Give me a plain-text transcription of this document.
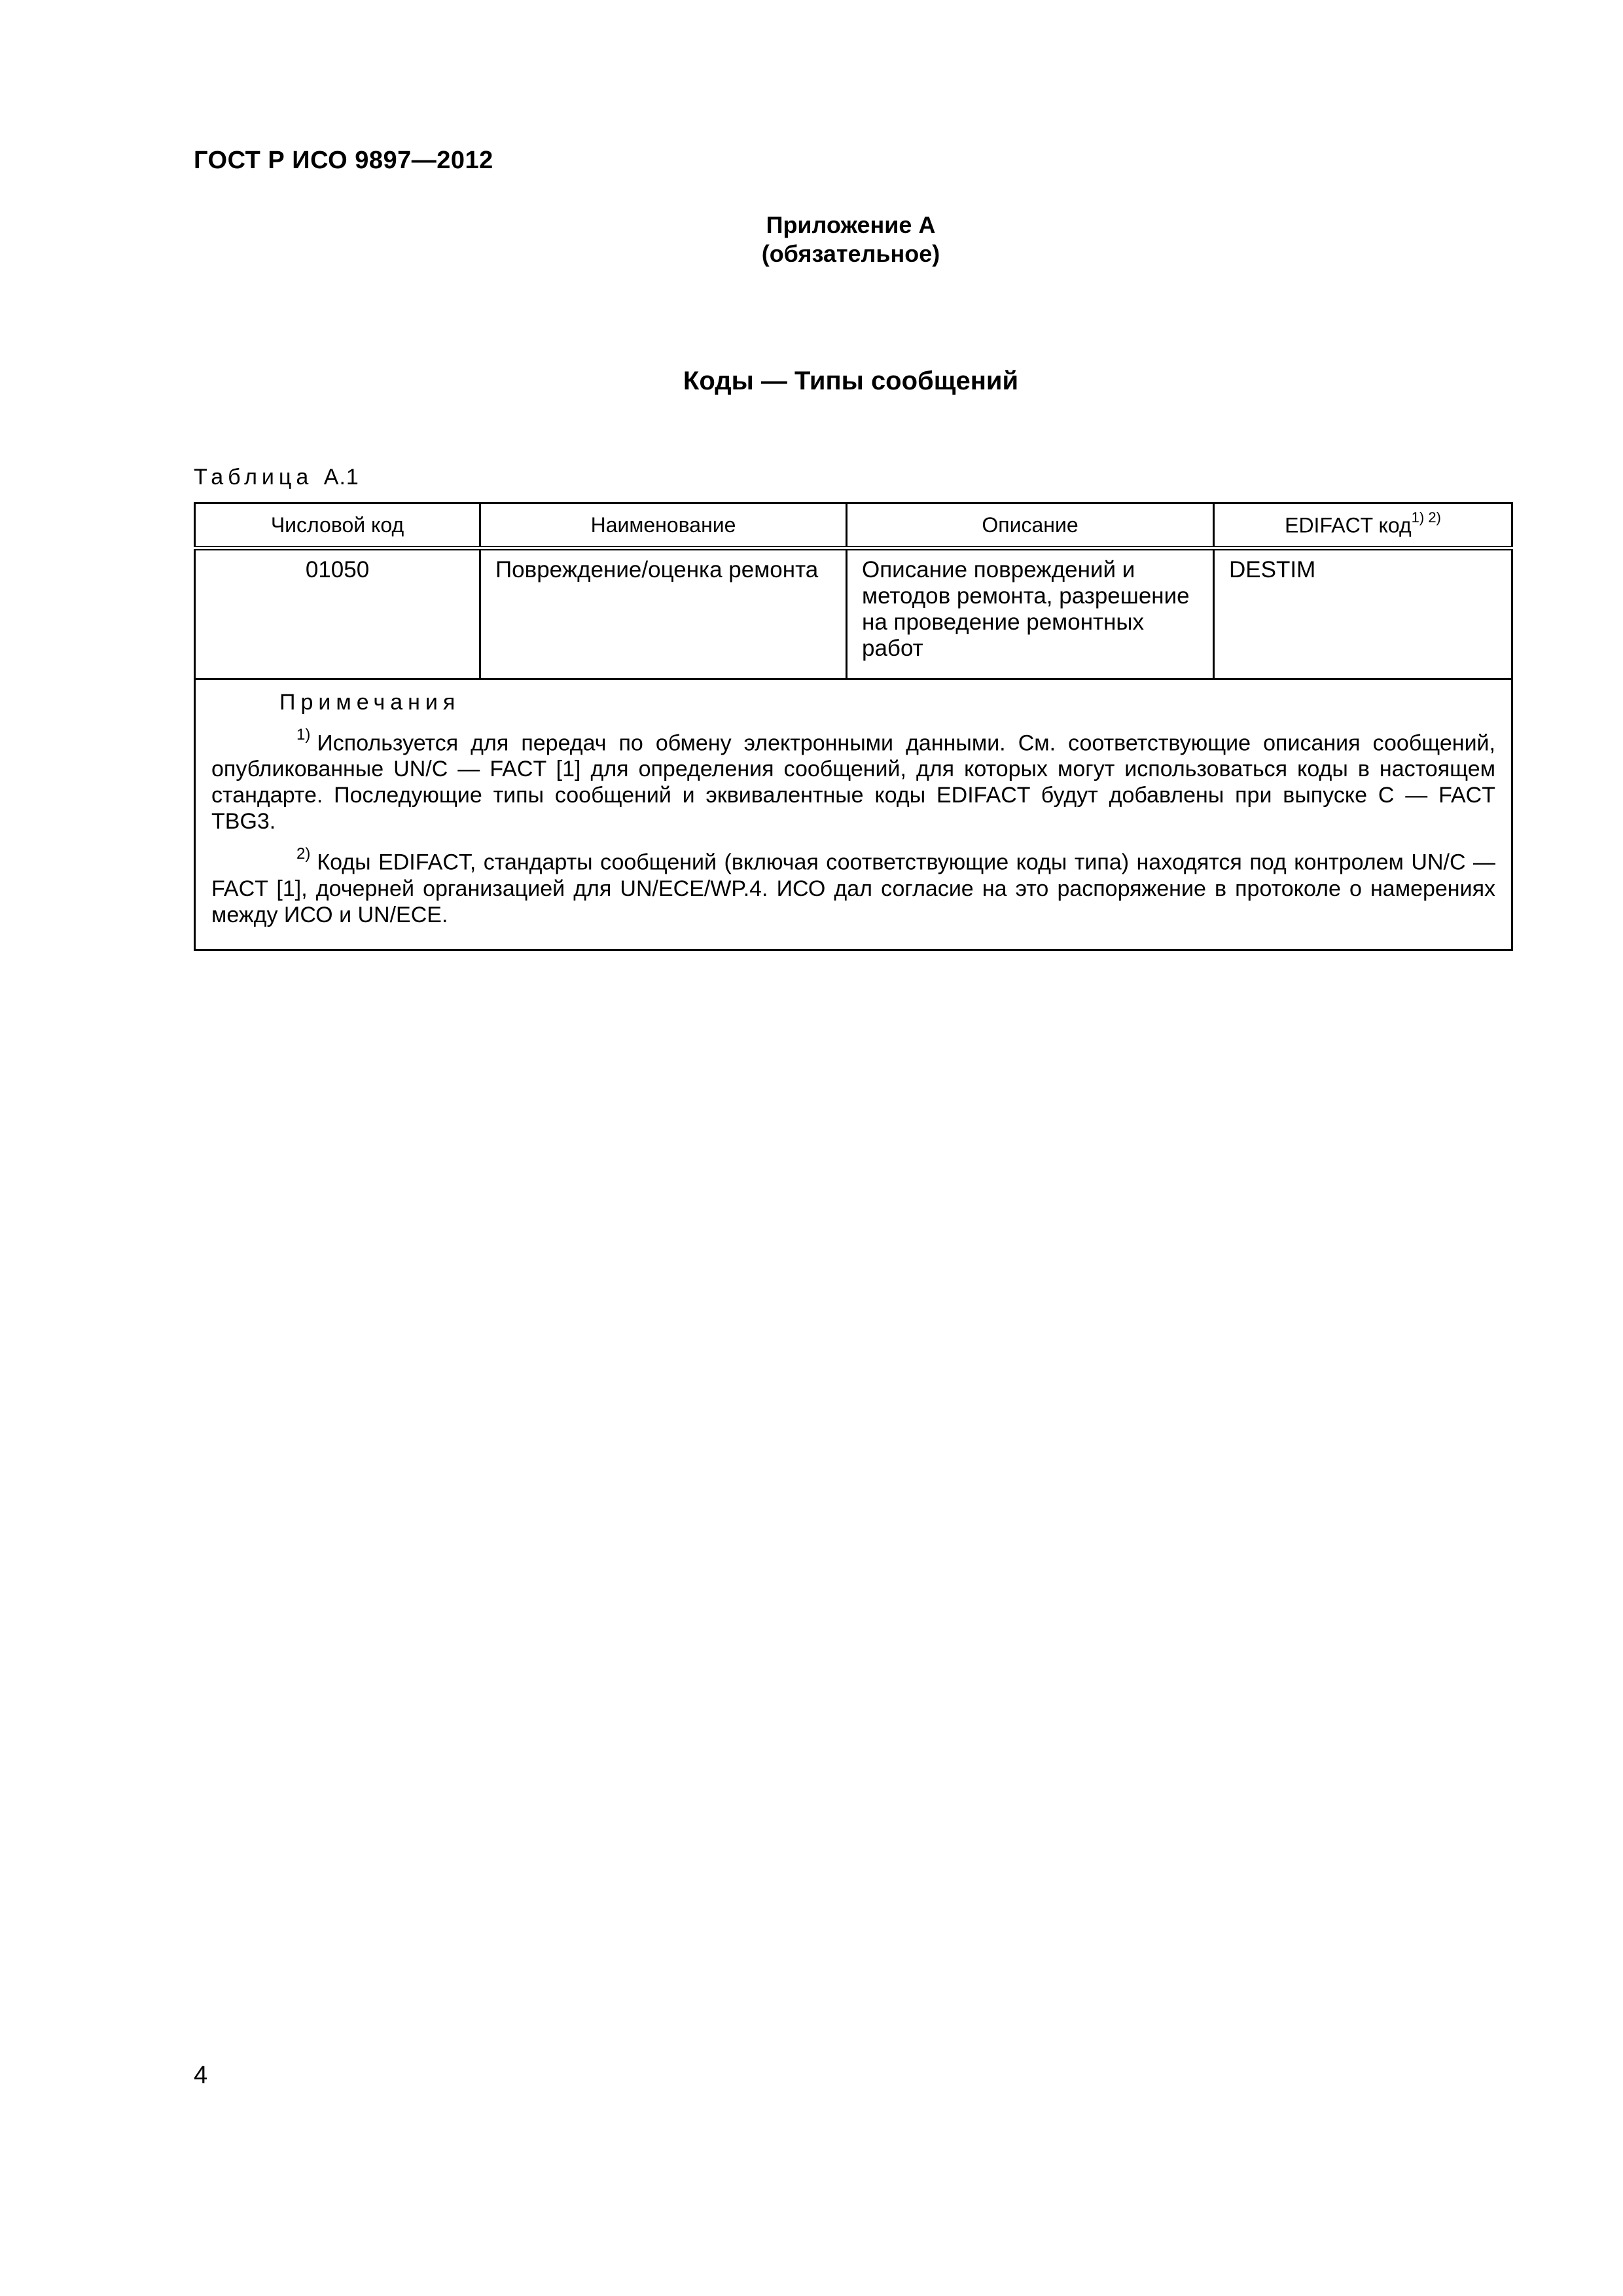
ГОСТ Р ИСО 9897—2012
Приложение А
(обязательное)
Коды — Типы сообщений
Таблица А.1
Числовой код	Наименование	Описание	EDIFACT код$^{1) 2)}$
01050	Повреждение/оценка ремонта	Описание повреждений и методов ремонта, разрешение на проведение ремонтных работ	DESTIM

Примечания

$^{1)}$ Используется для передач по обмену электронными данными. См. соответствующие описания сообщений, опубликованные UN/C — FACT [1] для определения сообщений, для которых могут использоваться коды в настоящем стандарте. Последующие типы сообщений и эквивалентные коды EDIFACT будут добавлены при выпуске С — FACT TBG3.

$^{2)}$ Коды EDIFACT, стандарты сообщений (включая соответствующие коды типа) находятся под контролем UN/C — FACT [1], дочерней организацией для UN/ECE/WP.4. ИСО дал согласие на это распоряжение в протоколе о намерениях между ИСО и UN/ECE.			

4
